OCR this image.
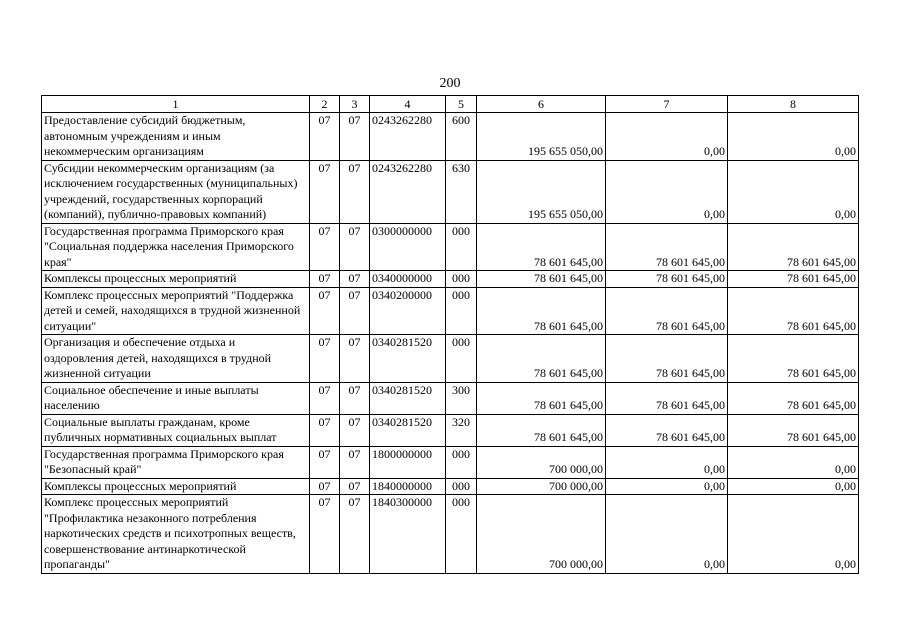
200
1	2	3	4	5	6	7	8
Предоставление субсидий бюджетным, автономным учреждениям и иным некоммерческим организациям	07	07	0243262280	600	195 655 050,00	0,00	0,00
Субсидии некоммерческим организациям (за исключением государственных (муниципальных) учреждений, государственных корпораций (компаний), публично-правовых компаний)	07	07	0243262280	630	195 655 050,00	0,00	0,00
Государственная программа Приморского края "Социальная поддержка населения Приморского края"	07	07	0300000000	000	78 601 645,00	78 601 645,00	78 601 645,00
Комплексы процессных мероприятий	07	07	0340000000	000	78 601 645,00	78 601 645,00	78 601 645,00
Комплекс процессных мероприятий "Поддержка детей и семей, находящихся в трудной жизненной ситуации"	07	07	0340200000	000	78 601 645,00	78 601 645,00	78 601 645,00
Организация и обеспечение отдыха и оздоровления детей, находящихся в трудной жизненной ситуации	07	07	0340281520	000	78 601 645,00	78 601 645,00	78 601 645,00
Социальное обеспечение и иные выплаты населению	07	07	0340281520	300	78 601 645,00	78 601 645,00	78 601 645,00
Социальные выплаты гражданам, кроме публичных нормативных социальных выплат	07	07	0340281520	320	78 601 645,00	78 601 645,00	78 601 645,00
Государственная программа Приморского края "Безопасный край"	07	07	1800000000	000	700 000,00	0,00	0,00
Комплексы процессных мероприятий	07	07	1840000000	000	700 000,00	0,00	0,00
Комплекс процессных мероприятий "Профилактика незаконного потребления наркотических средств и психотропных веществ, совершенствование антинаркотической пропаганды"	07	07	1840300000	000	700 000,00	0,00	0,00
